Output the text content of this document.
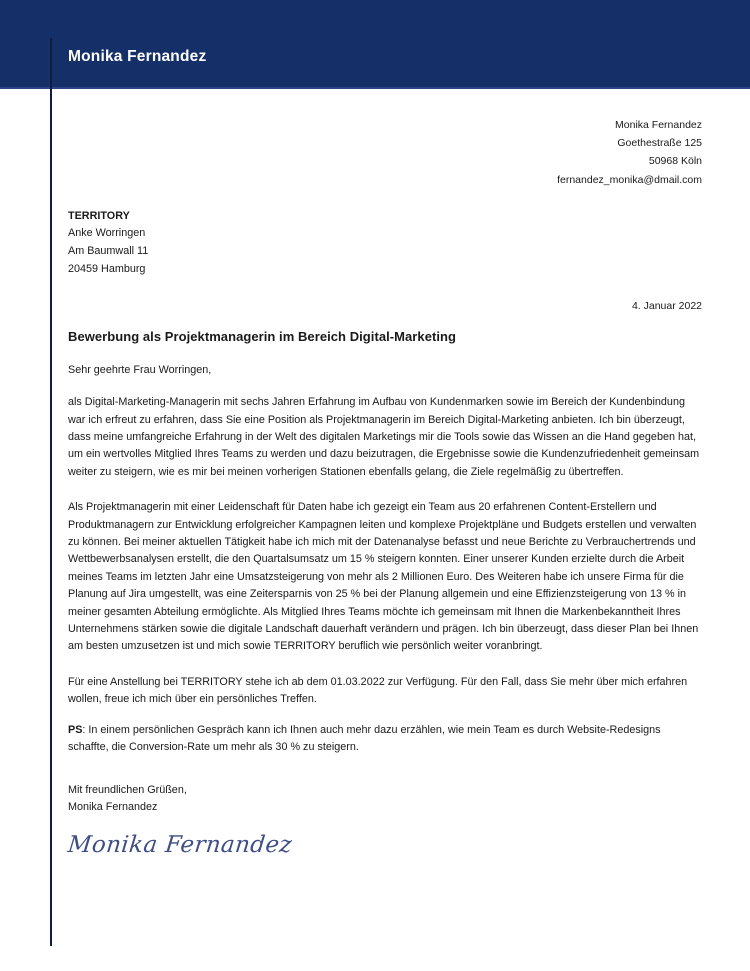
Monika Fernandez
Monika Fernandez
Goethestraße 125
50968 Köln
fernandez_monika@dmail.com
TERRITORY
Anke Worringen
Am Baumwall 11
20459 Hamburg
4. Januar 2022
Bewerbung als Projektmanagerin im Bereich Digital-Marketing
Sehr geehrte Frau Worringen,
als Digital-Marketing-Managerin mit sechs Jahren Erfahrung im Aufbau von Kundenmarken sowie im Bereich der Kundenbindung war ich erfreut zu erfahren, dass Sie eine Position als Projektmanagerin im Bereich Digital-Marketing anbieten. Ich bin überzeugt, dass meine umfangreiche Erfahrung in der Welt des digitalen Marketings mir die Tools sowie das Wissen an die Hand gegeben hat, um ein wertvolles Mitglied Ihres Teams zu werden und dazu beizutragen, die Ergebnisse sowie die Kundenzufriedenheit gemeinsam weiter zu steigern, wie es mir bei meinen vorherigen Stationen ebenfalls gelang, die Ziele regelmäßig zu übertreffen.
Als Projektmanagerin mit einer Leidenschaft für Daten habe ich gezeigt ein Team aus 20 erfahrenen Content-Erstellern und Produktmanagern zur Entwicklung erfolgreicher Kampagnen leiten und komplexe Projektpläne und Budgets erstellen und verwalten zu können. Bei meiner aktuellen Tätigkeit habe ich mich mit der Datenanalyse befasst und neue Berichte zu Verbrauchertrends und Wettbewerbsanalysen erstellt, die den Quartalsumsatz um 15 % steigern konnten. Einer unserer Kunden erzielte durch die Arbeit meines Teams im letzten Jahr eine Umsatzsteigerung von mehr als 2 Millionen Euro. Des Weiteren habe ich unsere Firma für die Planung auf Jira umgestellt, was eine Zeitersparnis von 25 % bei der Planung allgemein und eine Effizienzsteigerung von 13 % in meiner gesamten Abteilung ermöglichte. Als Mitglied Ihres Teams möchte ich gemeinsam mit Ihnen die Markenbekanntheit Ihres Unternehmens stärken sowie die digitale Landschaft dauerhaft verändern und prägen. Ich bin überzeugt, dass dieser Plan bei Ihnen am besten umzusetzen ist und mich sowie TERRITORY beruflich wie persönlich weiter voranbringt.
Für eine Anstellung bei TERRITORY stehe ich ab dem 01.03.2022 zur Verfügung. Für den Fall, dass Sie mehr über mich erfahren wollen, freue ich mich über ein persönliches Treffen.
PS: In einem persönlichen Gespräch kann ich Ihnen auch mehr dazu erzählen, wie mein Team es durch Website-Redesigns schaffte, die Conversion-Rate um mehr als 30 % zu steigern.
Mit freundlichen Grüßen,
Monika Fernandez
Monika Fernandez
